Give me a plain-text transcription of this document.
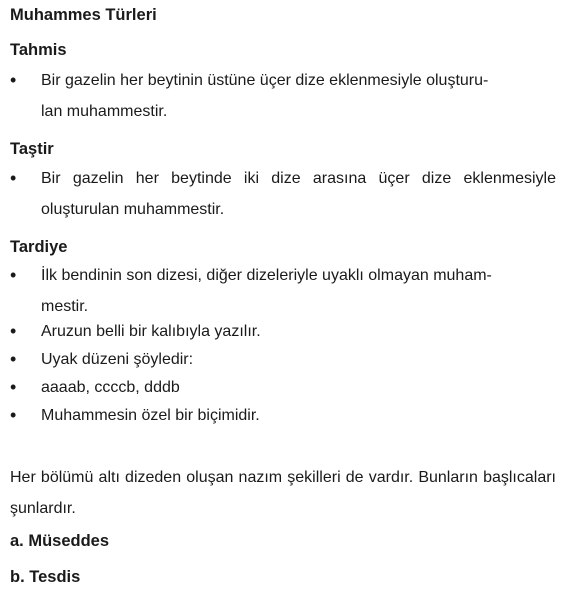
Muhammes Türleri
Tahmis
• Bir gazelin her beytinin üstüne üçer dize eklenmesiyle oluşturu-
lan muhammestir.
Taştir
• Bir gazelin her beytinde iki dize arasına üçer dize eklenmesiyle oluşturulan muhammestir.
Tardiye
• İlk bendinin son dizesi, diğer dizeleriyle uyaklı olmayan muham-
mestir.
• Aruzun belli bir kalıbıyla yazılır.
• Uyak düzeni şöyledir:
• aaaab, ccccb, dddb
• Muhammesin özel bir biçimidir.
Her bölümü altı dizeden oluşan nazım şekilleri de vardır. Bunların başlıcaları şunlardır.
a. Müseddes
b. Tesdis
